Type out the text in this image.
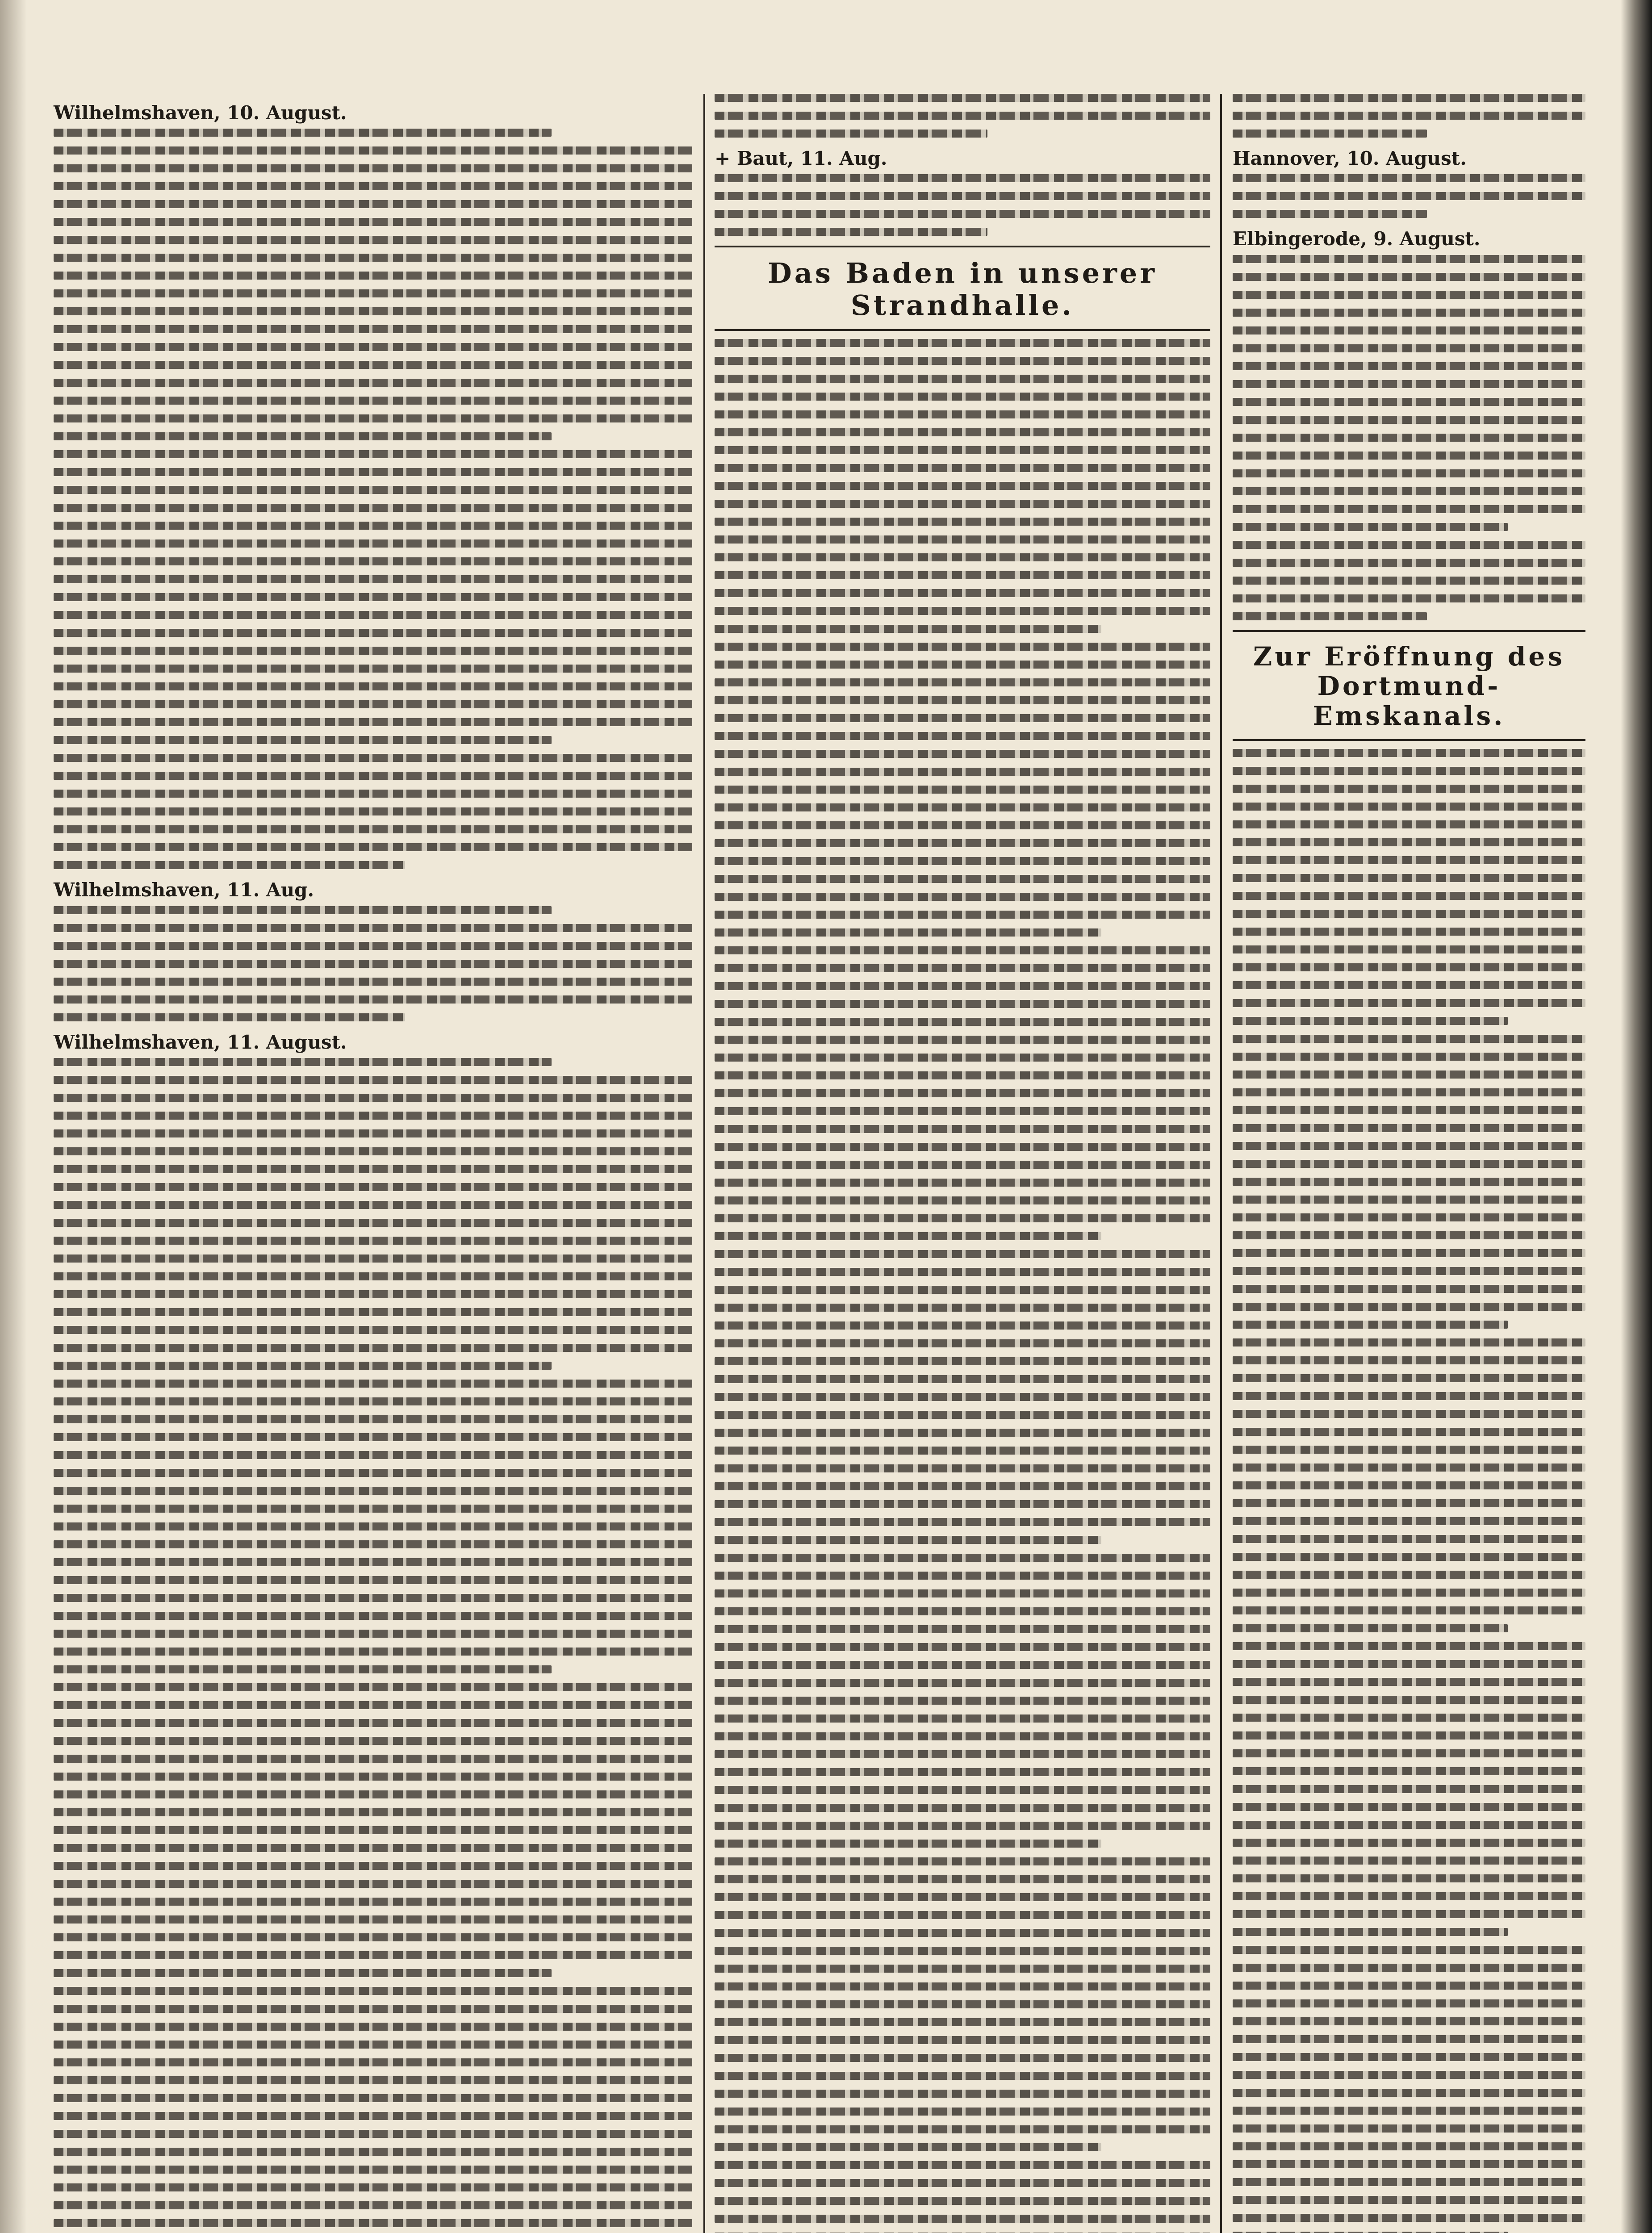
Wilhelmshaven, 10. August.
Wilhelmshaven, 11. Aug.
Wilhelmshaven, 11. August.
+ Baut, 11. Aug.
Das Baden in unserer Strandhalle.
Hannover, 10. August.
Elbingerode, 9. August.
Zur Eröffnung des Dortmund-Emskanals.
